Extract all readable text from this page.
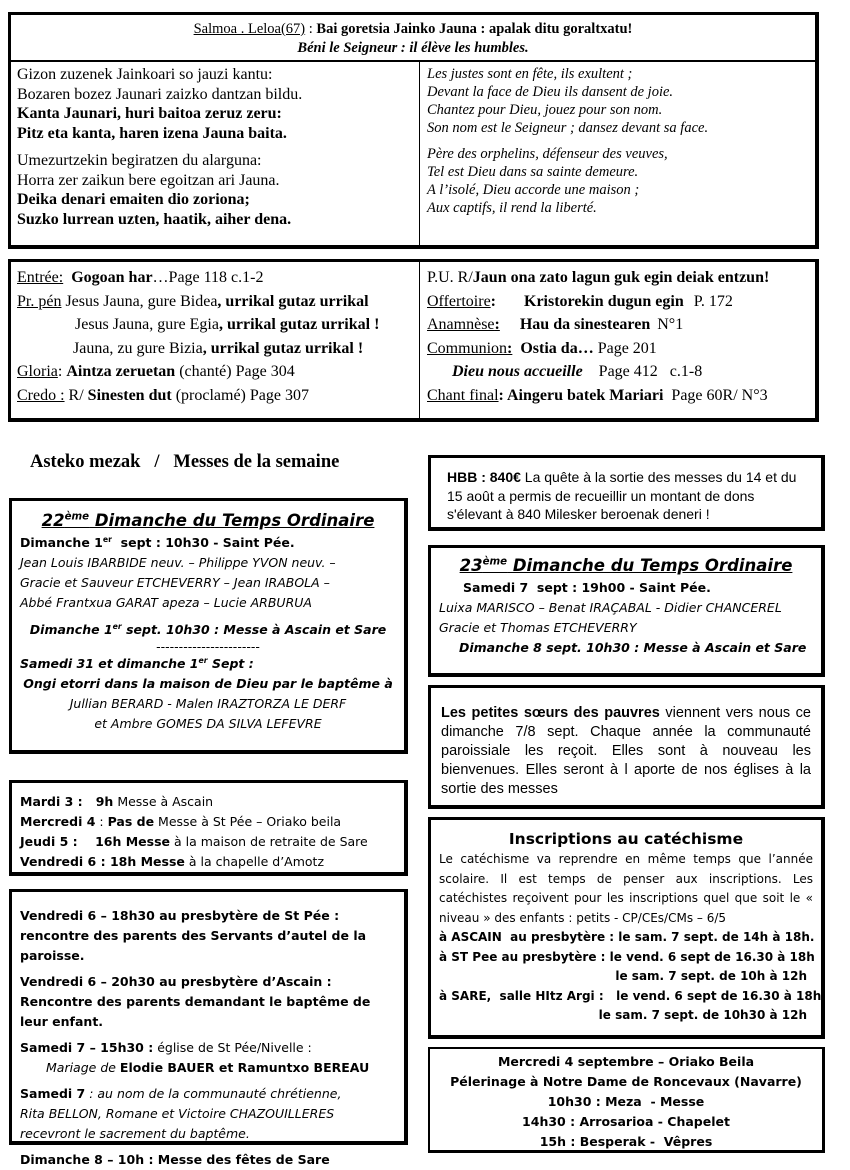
Salmoa . Leloa(67) : Bai goretsia Jainko Jauna : apalak ditu goraltxatu!
Béni le Seigneur : il élève les humbles.
Gizon zuzenek Jainkoari so jauzi kantu:
Bozaren bozez Jaunari zaizko dantzan bildu.
Kanta Jaunari, huri baitoa zeruz zeru:
Pitz eta kanta, haren izena Jauna baita.
Umezurtzekin begiratzen du alarguna:
Horra zer zaikun bere egoitzan ari Jauna.
Deika denari emaiten dio zoriona;
Suzko lurrean uzten, haatik, aiher dena.
Les justes sont en fête, ils exultent ;
Devant la face de Dieu ils dansent de joie.
Chantez pour Dieu, jouez pour son nom.
Son nom est le Seigneur ; dansez devant sa face.
Père des orphelins, défenseur des veuves,
Tel est Dieu dans sa sainte demeure.
A l’isolé, Dieu accorde une maison ;
Aux captifs, il rend la liberté.
Entrée: Gogoan har…Page 118 c.1-2
Pr. pén Jesus Jauna, gure Bidea, urrikal gutaz urrikal
Jesus Jauna, gure Egia, urrikal gutaz urrikal !
Jauna, zu gure Bizia, urrikal gutaz urrikal !
Gloria: Aintza zeruetan (chanté) Page 304
Credo : R/ Sinesten dut (proclamé) Page 307
P.U. R/Jaun ona zato lagun guk egin deiak entzun!
Offertoire: Kristorekin dugun egin P. 172
Anamnèse: Hau da sinestearen N°1
Communion: Ostia da… Page 201
Dieu nous accueille Page 412   c.1-8
Chant final: Aingeru batek Mariari  Page 60R/ N°3
Asteko mezak   /   Messes de la semaine
22ème Dimanche du Temps Ordinaire
Dimanche 1er  sept : 10h30 - Saint Pée.
Jean Louis IBARBIDE neuv. – Philippe YVON neuv. –
Gracie et Sauveur ETCHEVERRY – Jean IRABOLA –
Abbé Frantxua GARAT apeza – Lucie ARBURUA
Dimanche 1er sept. 10h30 : Messe à Ascain et Sare
-----------------------
Samedi 31 et dimanche 1er Sept :
Ongi etorri dans la maison de Dieu par le baptême à
Jullian BERARD - Malen IRAZTORZA LE DERF
et Ambre GOMES DA SILVA LEFEVRE
Mardi 3 :   9h Messe à Ascain
Mercredi 4 : Pas de Messe à St Pée – Oriako beila
Jeudi 5 :    16h Messe à la maison de retraite de Sare
Vendredi 6 : 18h Messe à la chapelle d’Amotz
Vendredi 6 – 18h30 au presbytère de St Pée : rencontre des parents des Servants d’autel de la paroisse.
Vendredi 6 – 20h30 au presbytère d’Ascain : Rencontre des parents demandant le baptême de leur enfant.
Samedi 7 – 15h30 : église de St Pée/Nivelle :
Mariage de Elodie BAUER et Ramuntxo BEREAU
Samedi 7 : au nom de la communauté chrétienne,
Rita BELLON, Romane et Victoire CHAZOUILLERES
recevront le sacrement du baptême.
Dimanche 8 – 10h : Messe des fêtes de Sare
HBB : 840€ La quête à la sortie des messes du 14 et du 15 août a permis de recueillir un montant de dons s'élevant à 840 Milesker beroenak deneri !
23ème Dimanche du Temps Ordinaire
Samedi 7  sept : 19h00 - Saint Pée.
Luixa MARISCO – Benat IRAÇABAL - Didier CHANCEREL
Gracie et Thomas ETCHEVERRY
Dimanche 8 sept. 10h30 : Messe à Ascain et Sare
Les petites sœurs des pauvres viennent vers nous ce dimanche 7/8 sept. Chaque année la communauté paroissiale les reçoit. Elles sont à nouveau les bienvenues. Elles seront à l aporte de nos églises à la sortie des messes
Inscriptions au catéchisme
Le catéchisme va reprendre en même temps que l’année scolaire. Il est temps de penser aux inscriptions. Les catéchistes reçoivent pour les inscriptions quel que soit le « niveau » des enfants : petits - CP/CEs/CMs – 6/5
à ASCAIN  au presbytère : le sam. 7 sept. de 14h à 18h.
à ST Pee au presbytère : le vend. 6 sept de 16.30 à 18h
le sam. 7 sept. de 10h à 12h
à SARE,  salle HItz Argi :   le vend. 6 sept de 16.30 à 18h
le sam. 7 sept. de 10h30 à 12h
Mercredi 4 septembre – Oriako Beila
Pélerinage à Notre Dame de Roncevaux (Navarre)
10h30 : Meza  - Messe
14h30 : Arrosarioa - Chapelet
15h : Besperak -  Vêpres
